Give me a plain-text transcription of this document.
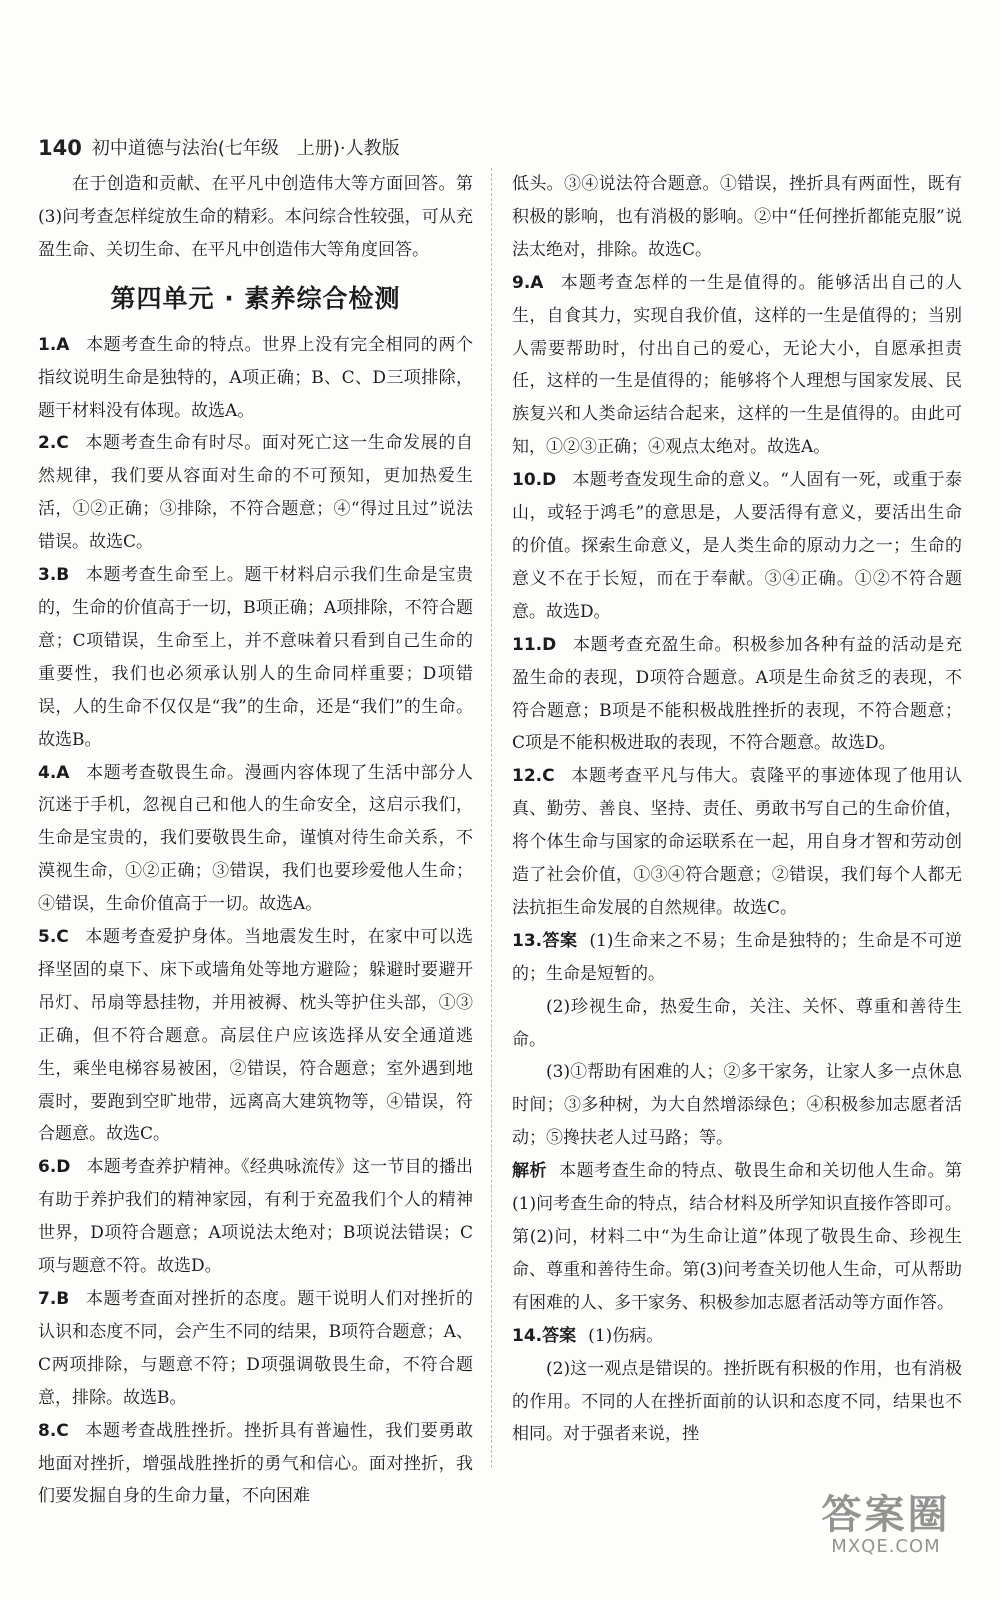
140 初中道德与法治(七年级　上册)·人教版

在于创造和贡献、在平凡中创造伟大等方面回答。第(3)问考查怎样绽放生命的精彩。本问综合性较强，可从充盈生命、关切生命、在平凡中创造伟大等角度回答。

第四单元 · 素养综合检测

1.A 本题考查生命的特点。世界上没有完全相同的两个指纹说明生命是独特的，A项正确；B、C、D三项排除，题干材料没有体现。故选A。

2.C 本题考查生命有时尽。面对死亡这一生命发展的自然规律，我们要从容面对生命的不可预知，更加热爱生活，①②正确；③排除，不符合题意；④“得过且过”说法错误。故选C。

3.B 本题考查生命至上。题干材料启示我们生命是宝贵的，生命的价值高于一切，B项正确；A项排除，不符合题意；C项错误，生命至上，并不意味着只看到自己生命的重要性，我们也必须承认别人的生命同样重要；D项错误，人的生命不仅仅是“我”的生命，还是“我们”的生命。故选B。

4.A 本题考查敬畏生命。漫画内容体现了生活中部分人沉迷于手机，忽视自己和他人的生命安全，这启示我们，生命是宝贵的，我们要敬畏生命，谨慎对待生命关系，不漠视生命，①②正确；③错误，我们也要珍爱他人生命；④错误，生命价值高于一切。故选A。

5.C 本题考查爱护身体。当地震发生时，在家中可以选择坚固的桌下、床下或墙角处等地方避险；躲避时要避开吊灯、吊扇等悬挂物，并用被褥、枕头等护住头部，①③正确，但不符合题意。高层住户应该选择从安全通道逃生，乘坐电梯容易被困，②错误，符合题意；室外遇到地震时，要跑到空旷地带，远离高大建筑物等，④错误，符合题意。故选C。

6.D 本题考查养护精神。《经典咏流传》这一节目的播出有助于养护我们的精神家园，有利于充盈我们个人的精神世界，D项符合题意；A项说法太绝对；B项说法错误；C项与题意不符。故选D。

7.B 本题考查面对挫折的态度。题干说明人们对挫折的认识和态度不同，会产生不同的结果，B项符合题意；A、C两项排除，与题意不符；D项强调敬畏生命，不符合题意，排除。故选B。

8.C 本题考查战胜挫折。挫折具有普遍性，我们要勇敢地面对挫折，增强战胜挫折的勇气和信心。面对挫折，我们要发掘自身的生命力量，不向困难

低头。③④说法符合题意。①错误，挫折具有两面性，既有积极的影响，也有消极的影响。②中“任何挫折都能克服”说法太绝对，排除。故选C。

9.A 本题考查怎样的一生是值得的。能够活出自己的人生，自食其力，实现自我价值，这样的一生是值得的；当别人需要帮助时，付出自己的爱心，无论大小，自愿承担责任，这样的一生是值得的；能够将个人理想与国家发展、民族复兴和人类命运结合起来，这样的一生是值得的。由此可知，①②③正确；④观点太绝对。故选A。

10.D 本题考查发现生命的意义。“人固有一死，或重于泰山，或轻于鸿毛”的意思是，人要活得有意义，要活出生命的价值。探索生命意义，是人类生命的原动力之一；生命的意义不在于长短，而在于奉献。③④正确。①②不符合题意。故选D。

11.D 本题考查充盈生命。积极参加各种有益的活动是充盈生命的表现，D项符合题意。A项是生命贫乏的表现，不符合题意；B项是不能积极战胜挫折的表现，不符合题意；C项是不能积极进取的表现，不符合题意。故选D。

12.C 本题考查平凡与伟大。袁隆平的事迹体现了他用认真、勤劳、善良、坚持、责任、勇敢书写自己的生命价值，将个体生命与国家的命运联系在一起，用自身才智和劳动创造了社会价值，①③④符合题意；②错误，我们每个人都无法抗拒生命发展的自然规律。故选C。

13.答案 (1)生命来之不易；生命是独特的；生命是不可逆的；生命是短暂的。

(2)珍视生命，热爱生命，关注、关怀、尊重和善待生命。

(3)①帮助有困难的人；②多干家务，让家人多一点休息时间；③多种树，为大自然增添绿色；④积极参加志愿者活动；⑤搀扶老人过马路；等。

解析 本题考查生命的特点、敬畏生命和关切他人生命。第(1)问考查生命的特点，结合材料及所学知识直接作答即可。第(2)问，材料二中“为生命让道”体现了敬畏生命、珍视生命、尊重和善待生命。第(3)问考查关切他人生命，可从帮助有困难的人、多干家务、积极参加志愿者活动等方面作答。

14.答案 (1)伤病。

(2)这一观点是错误的。挫折既有积极的作用，也有消极的作用。不同的人在挫折面前的认识和态度不同，结果也不相同。对于强者来说，挫

答案圈
MXQE.COM
